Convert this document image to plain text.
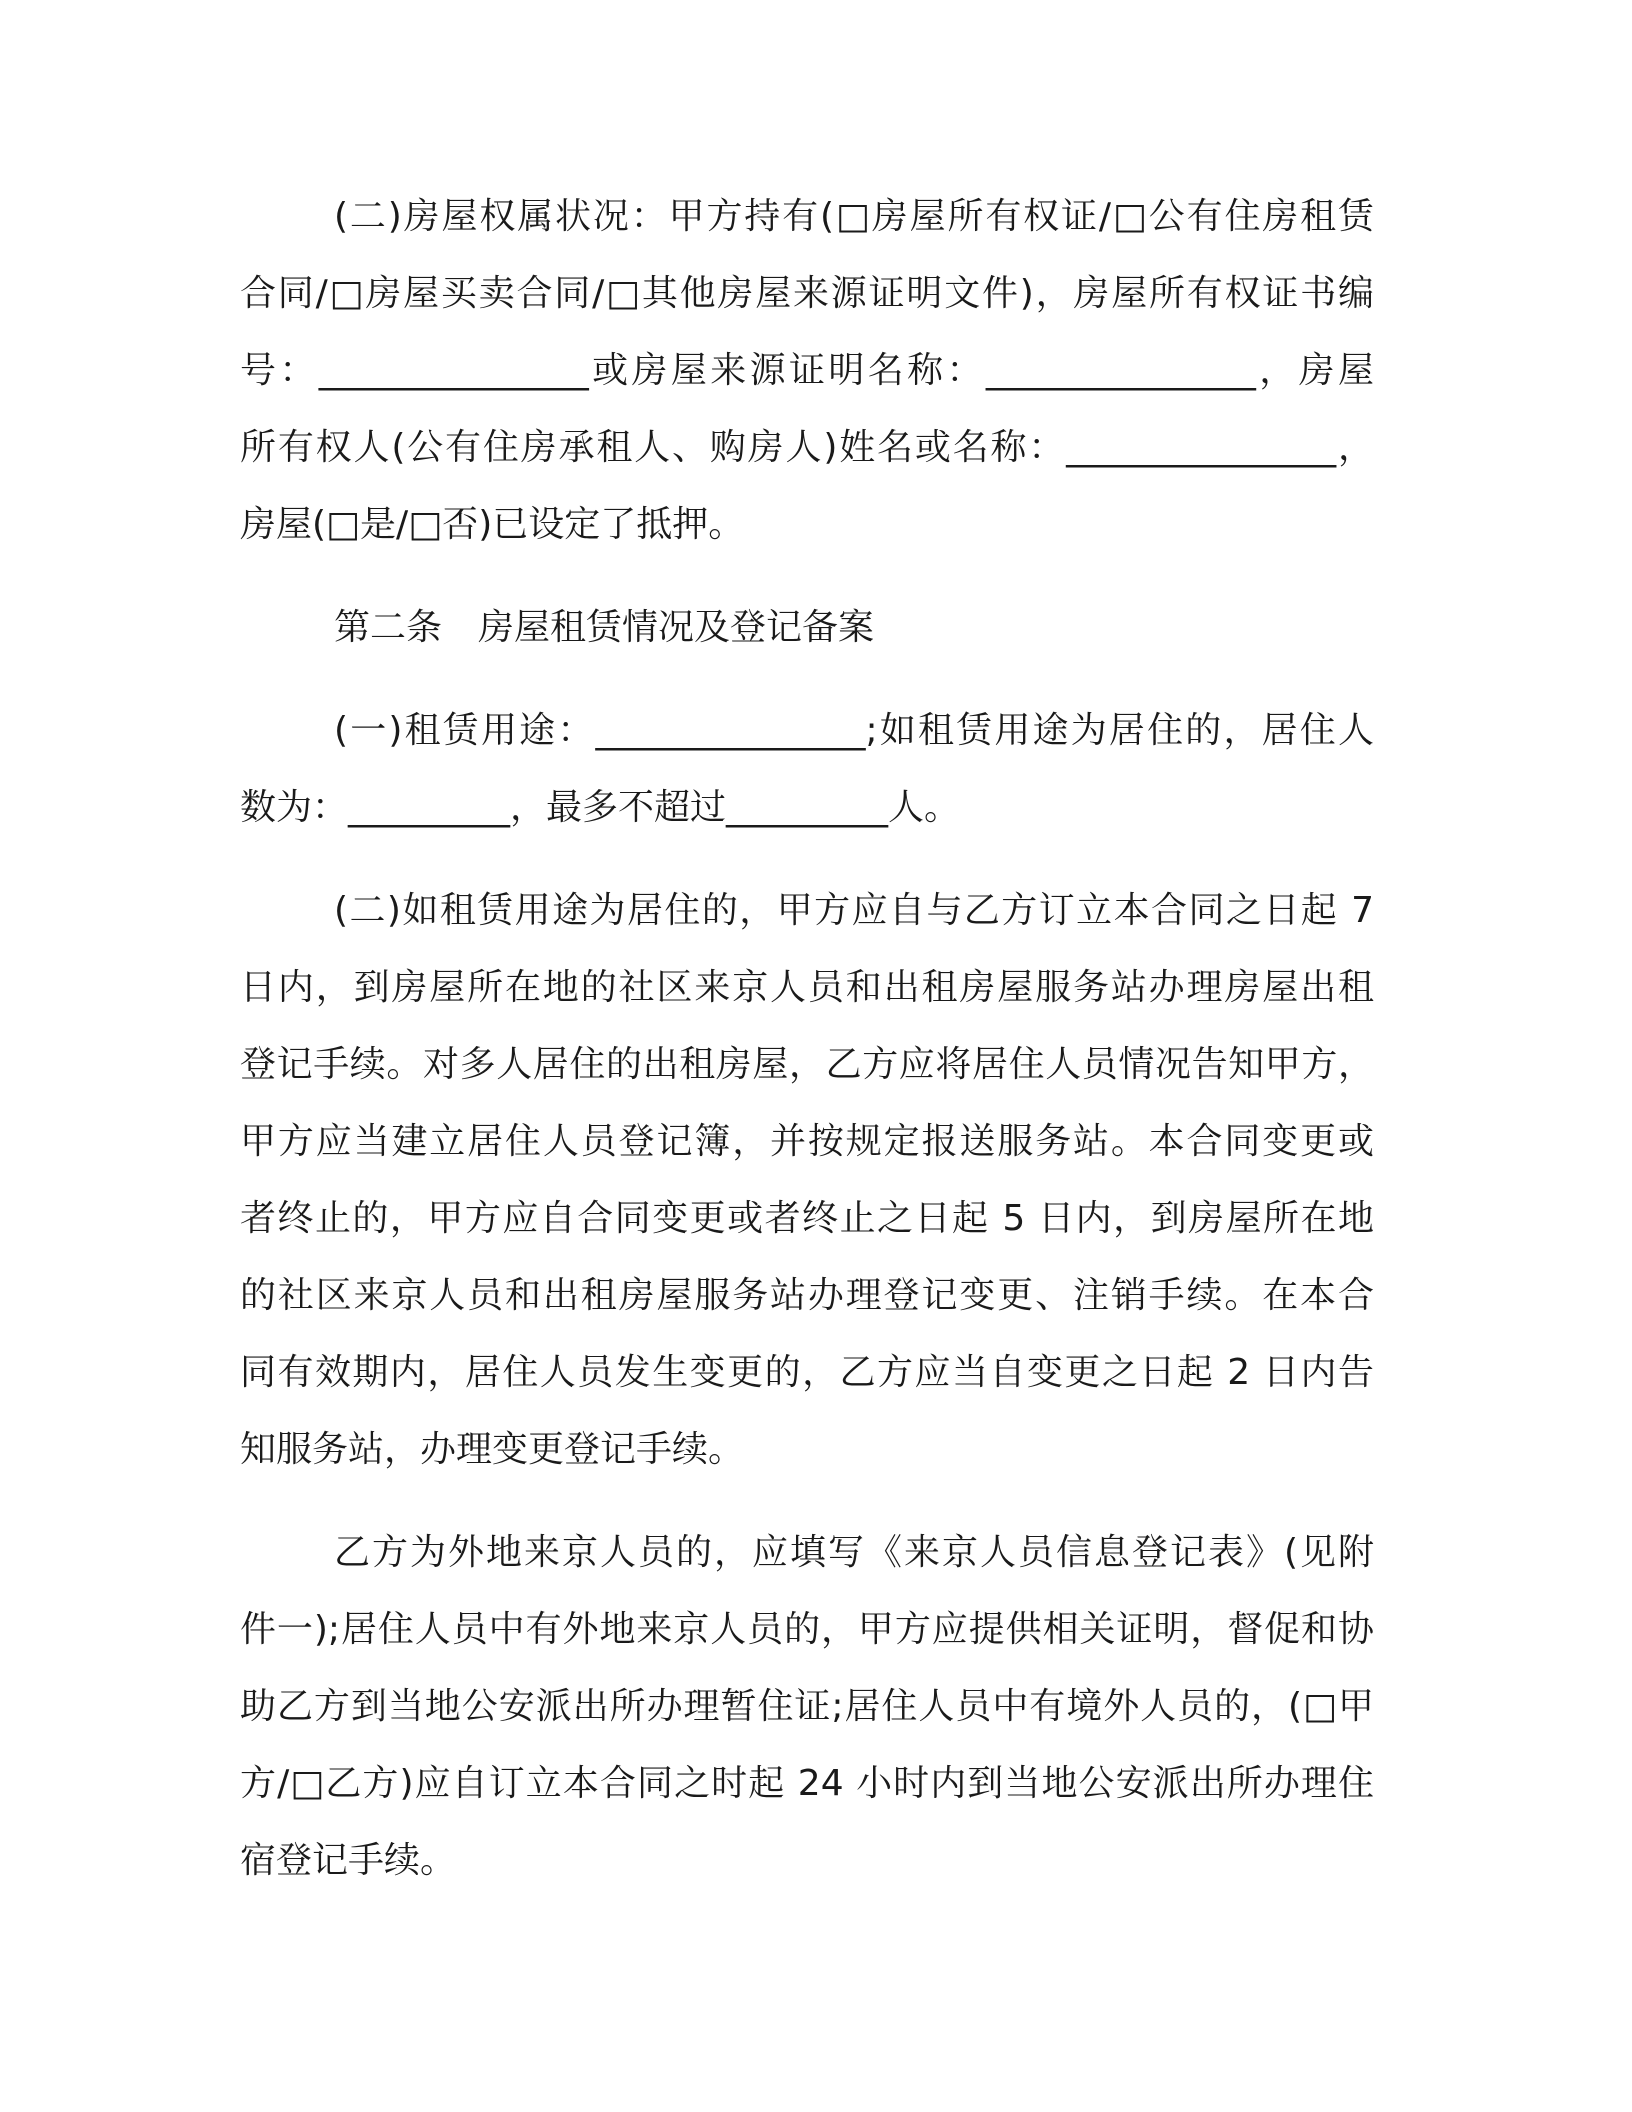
(二)房屋权属状况：甲方持有(□房屋所有权证/□公有住房租赁
合同/□房屋买卖合同/□其他房屋来源证明文件)，房屋所有权证书编
号：_______________或房屋来源证明名称：_______________，房屋
所有权人(公有住房承租人、购房人)姓名或名称：_______________，
房屋(□是/□否)已设定了抵押。
第二条　房屋租赁情况及登记备案
(一)租赁用途：_______________;如租赁用途为居住的，居住人
数为：_________，最多不超过_________人。
(二)如租赁用途为居住的，甲方应自与乙方订立本合同之日起 7
日内，到房屋所在地的社区来京人员和出租房屋服务站办理房屋出租
登记手续。对多人居住的出租房屋，乙方应将居住人员情况告知甲方，
甲方应当建立居住人员登记簿，并按规定报送服务站。本合同变更或
者终止的，甲方应自合同变更或者终止之日起 5 日内，到房屋所在地
的社区来京人员和出租房屋服务站办理登记变更、注销手续。在本合
同有效期内，居住人员发生变更的，乙方应当自变更之日起 2 日内告
知服务站，办理变更登记手续。
乙方为外地来京人员的，应填写《来京人员信息登记表》(见附
件一);居住人员中有外地来京人员的，甲方应提供相关证明，督促和协
助乙方到当地公安派出所办理暂住证;居住人员中有境外人员的，(□甲
方/□乙方)应自订立本合同之时起 24 小时内到当地公安派出所办理住
宿登记手续。
